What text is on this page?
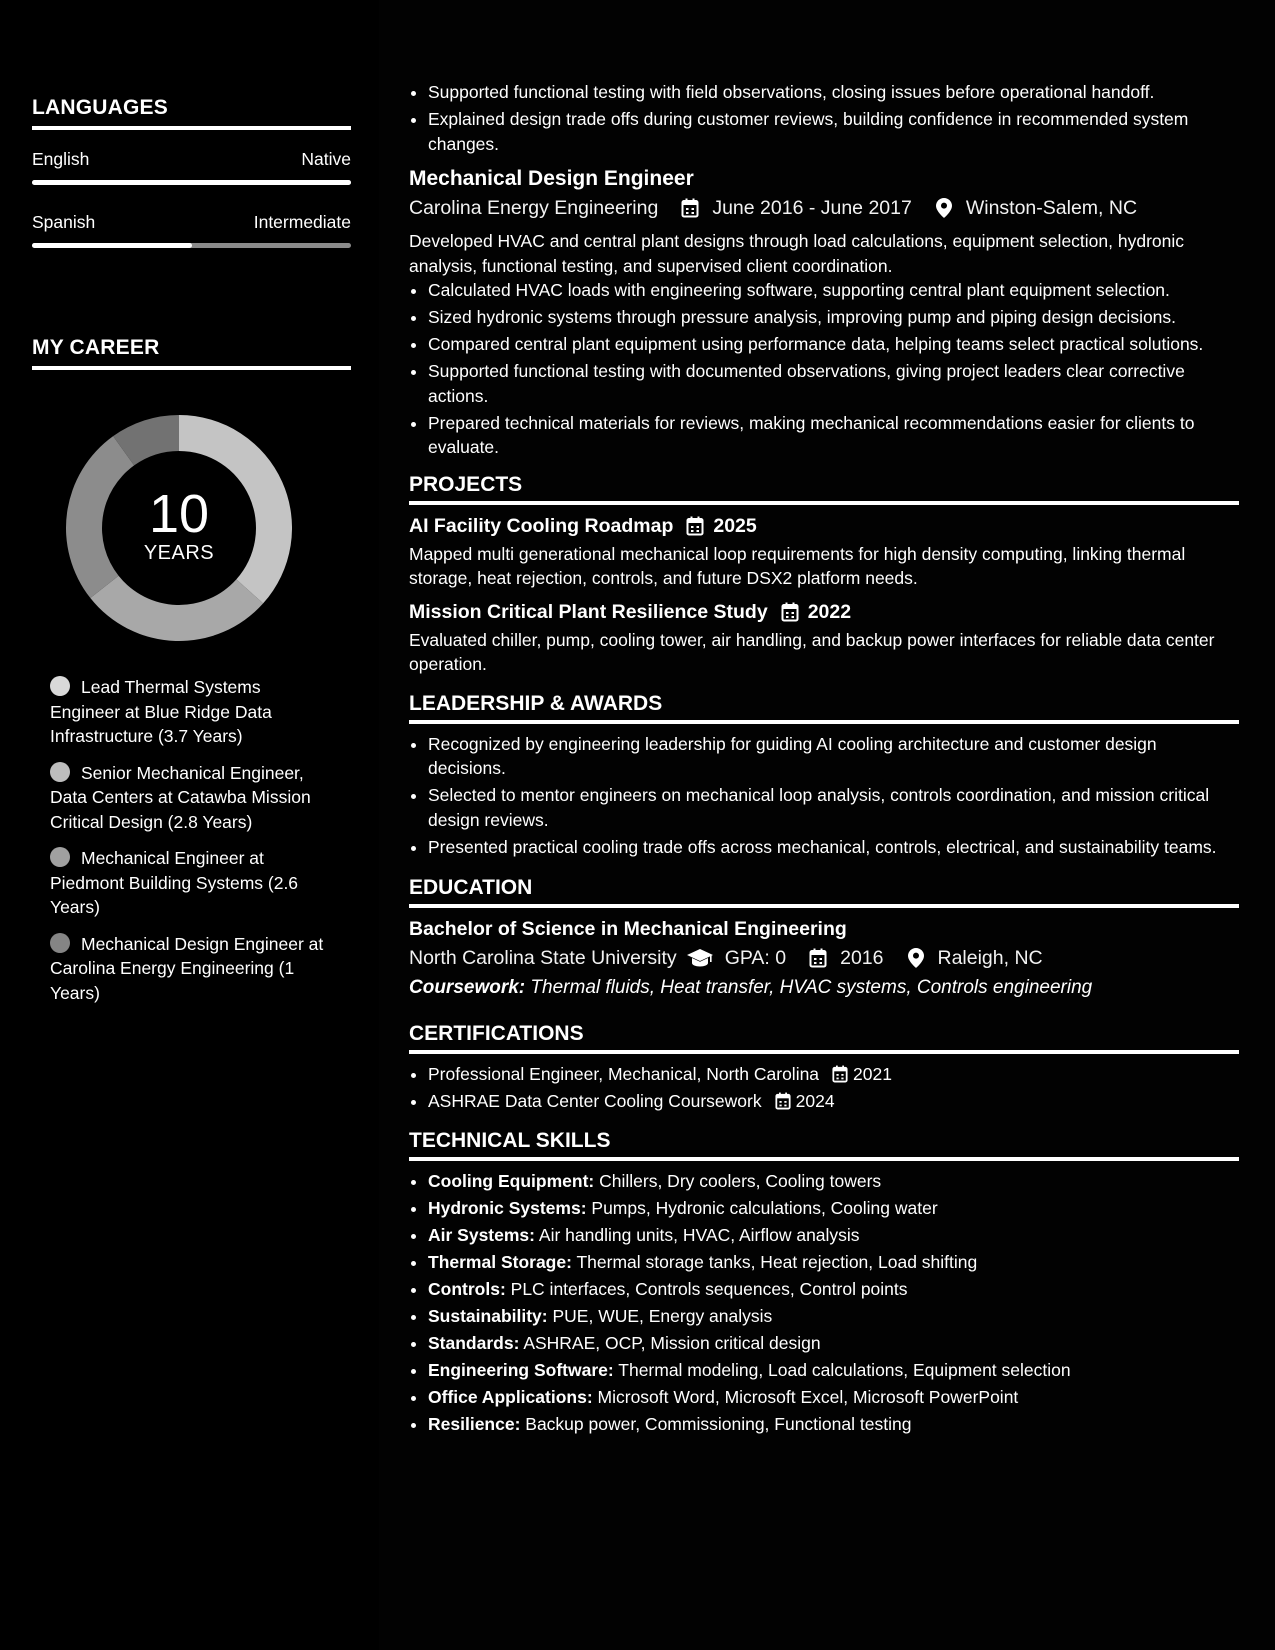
LANGUAGES
English	Native
Spanish	Intermediate
MY CAREER
10
YEARS
Lead Thermal Systems Engineer at Blue Ridge Data Infrastructure (3.7 Years)
Senior Mechanical Engineer, Data Centers at Catawba Mission Critical Design (2.8 Years)
Mechanical Engineer at Piedmont Building Systems (2.6 Years)
Mechanical Design Engineer at Carolina Energy Engineering (1 Years)
• Supported functional testing with field observations, closing issues before operational handoff.
• Explained design trade offs during customer reviews, building confidence in recommended system changes.
Mechanical Design Engineer
Carolina Energy Engineering	June 2016 - June 2017	Winston-Salem, NC
Developed HVAC and central plant designs through load calculations, equipment selection, hydronic analysis, functional testing, and supervised client coordination.
• Calculated HVAC loads with engineering software, supporting central plant equipment selection.
• Sized hydronic systems through pressure analysis, improving pump and piping design decisions.
• Compared central plant equipment using performance data, helping teams select practical solutions.
• Supported functional testing with documented observations, giving project leaders clear corrective actions.
• Prepared technical materials for reviews, making mechanical recommendations easier for clients to evaluate.
PROJECTS
AI Facility Cooling Roadmap 2025
Mapped multi generational mechanical loop requirements for high density computing, linking thermal storage, heat rejection, controls, and future DSX2 platform needs.
Mission Critical Plant Resilience Study 2022
Evaluated chiller, pump, cooling tower, air handling, and backup power interfaces for reliable data center operation.
LEADERSHIP & AWARDS
• Recognized by engineering leadership for guiding AI cooling architecture and customer design decisions.
• Selected to mentor engineers on mechanical loop analysis, controls coordination, and mission critical design reviews.
• Presented practical cooling trade offs across mechanical, controls, electrical, and sustainability teams.
EDUCATION
Bachelor of Science in Mechanical Engineering
North Carolina State University GPA: 0	2016	Raleigh, NC
Coursework: Thermal fluids, Heat transfer, HVAC systems, Controls engineering
CERTIFICATIONS
• Professional Engineer, Mechanical, North Carolina 2021
• ASHRAE Data Center Cooling Coursework 2024
TECHNICAL SKILLS
• Cooling Equipment: Chillers, Dry coolers, Cooling towers
• Hydronic Systems: Pumps, Hydronic calculations, Cooling water
• Air Systems: Air handling units, HVAC, Airflow analysis
• Thermal Storage: Thermal storage tanks, Heat rejection, Load shifting
• Controls: PLC interfaces, Controls sequences, Control points
• Sustainability: PUE, WUE, Energy analysis
• Standards: ASHRAE, OCP, Mission critical design
• Engineering Software: Thermal modeling, Load calculations, Equipment selection
• Office Applications: Microsoft Word, Microsoft Excel, Microsoft PowerPoint
• Resilience: Backup power, Commissioning, Functional testing
